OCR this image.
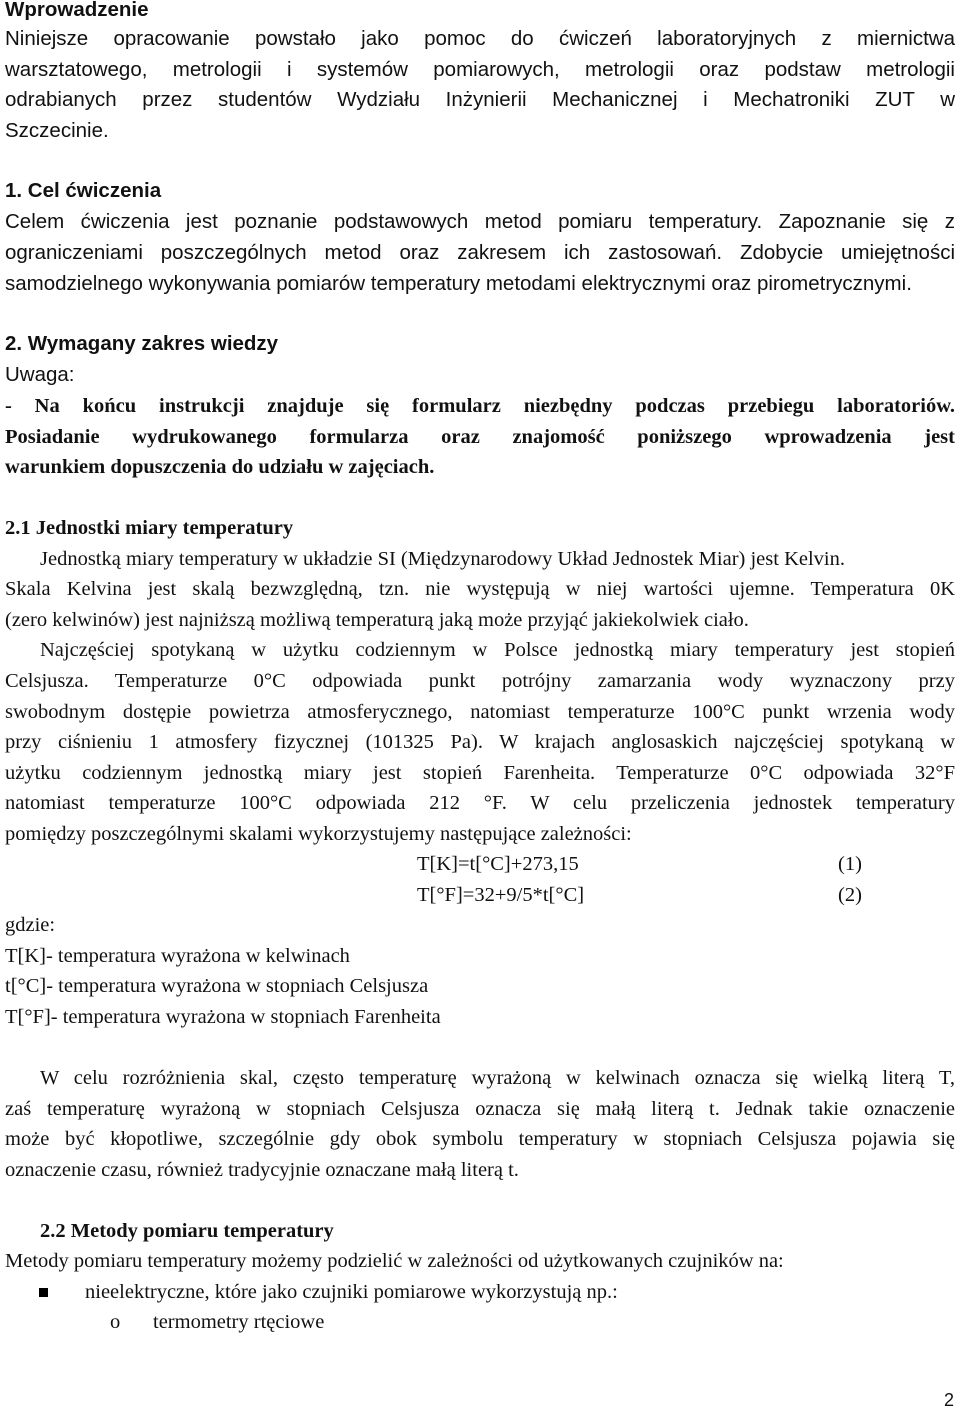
Wprowadzenie
Niniejsze opracowanie powstało jako pomoc do ćwiczeń laboratoryjnych z miernictwa
warsztatowego, metrologii i systemów pomiarowych, metrologii oraz podstaw metrologii
odrabianych przez studentów Wydziału Inżynierii Mechanicznej i Mechatroniki ZUT w
Szczecinie.
1. Cel ćwiczenia
Celem ćwiczenia jest poznanie podstawowych metod pomiaru temperatury. Zapoznanie się z
ograniczeniami poszczególnych metod oraz zakresem ich zastosowań. Zdobycie umiejętności
samodzielnego wykonywania pomiarów temperatury metodami elektrycznymi oraz pirometrycznymi.
2. Wymagany zakres wiedzy
Uwaga:
- Na końcu instrukcji znajduje się formularz niezbędny podczas przebiegu laboratoriów.
Posiadanie wydrukowanego formularza oraz znajomość poniższego wprowadzenia jest
warunkiem dopuszczenia do udziału w zajęciach.
2.1 Jednostki miary temperatury
Jednostką miary temperatury w układzie SI (Międzynarodowy Układ Jednostek Miar) jest Kelvin.
Skala Kelvina jest skalą bezwzględną, tzn. nie występują w niej wartości ujemne. Temperatura 0K
(zero kelwinów) jest najniższą możliwą temperaturą jaką może przyjąć jakiekolwiek ciało.
Najczęściej spotykaną w użytku codziennym w Polsce jednostką miary temperatury jest stopień
Celsjusza. Temperaturze 0°C odpowiada punkt potrójny zamarzania wody wyznaczony przy
swobodnym dostępie powietrza atmosferycznego, natomiast temperaturze 100°C punkt wrzenia wody
przy ciśnieniu 1 atmosfery fizycznej (101325 Pa). W krajach anglosaskich najczęściej spotykaną w
użytku codziennym jednostką miary jest stopień Farenheita. Temperaturze 0°C odpowiada 32°F
natomiast temperaturze 100°C odpowiada 212 °F. W celu przeliczenia jednostek temperatury
pomiędzy poszczególnymi skalami wykorzystujemy następujące zależności:
T[K]=t[°C]+273,15	(1)
T[°F]=32+9/5*t[°C]	(2)
gdzie:
T[K]- temperatura wyrażona w kelwinach
t[°C]- temperatura wyrażona w stopniach Celsjusza
T[°F]- temperatura wyrażona w stopniach Farenheita
W celu rozróżnienia skal, często temperaturę wyrażoną w kelwinach oznacza się wielką literą T,
zaś temperaturę wyrażoną w stopniach Celsjusza oznacza się małą literą t. Jednak takie oznaczenie
może być kłopotliwe, szczególnie gdy obok symbolu temperatury w stopniach Celsjusza pojawia się
oznaczenie czasu, również tradycyjnie oznaczane małą literą t.
2.2 Metody pomiaru temperatury
Metody pomiaru temperatury możemy podzielić w zależności od użytkowanych czujników na:
nieelektryczne, które jako czujniki pomiarowe wykorzystują np.:
o termometry rtęciowe
2
